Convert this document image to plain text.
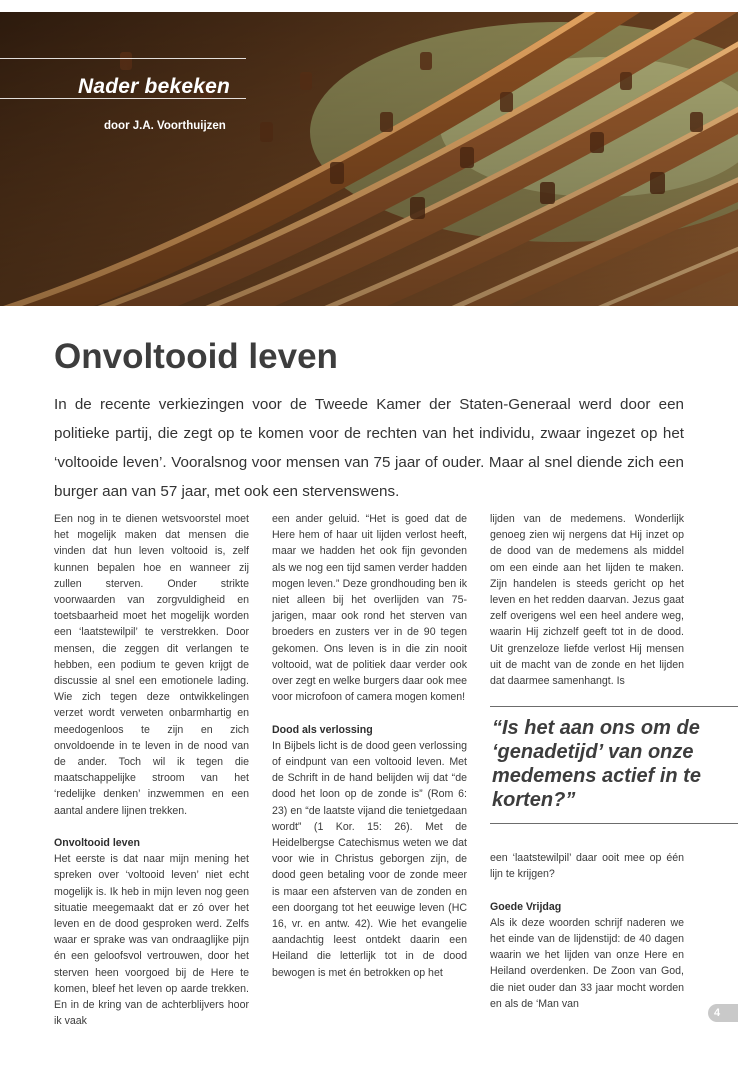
Nader bekeken
door J.A. Voorthuijzen
Onvoltooid leven

In de recente verkiezingen voor de Tweede Kamer der Staten-Generaal werd door een politieke partij, die zegt op te komen voor de rechten van het individu, zwaar ingezet op het ‘voltooide leven’. Vooralsnog voor mensen van 75 jaar of ouder. Maar al snel diende zich een burger aan van 57 jaar, met ook een stervenswens.

Een nog in te dienen wetsvoorstel moet het mogelijk maken dat mensen die vinden dat hun leven voltooid is, zelf kunnen bepalen hoe en wanneer zij zullen sterven. Onder strikte voorwaarden van zorgvuldigheid en toetsbaarheid moet het mogelijk worden een ‘laatstewilpil’ te verstrekken. Door mensen, die zeggen dit verlangen te hebben, een podium te geven krijgt de discussie al snel een emotionele lading. Wie zich tegen deze ontwikkelingen verzet wordt verweten onbarmhartig en meedogenloos te zijn en zich onvoldoende in te leven in de nood van de ander. Toch wil ik tegen die maatschappelijke stroom van het ‘redelijke denken’ inzwemmen en een aantal andere lijnen trekken.

Onvoltooid leven

Het eerste is dat naar mijn mening het spreken over ‘voltooid leven’ niet echt mogelijk is. Ik heb in mijn leven nog geen situatie meegemaakt dat er zó over het leven en de dood gesproken werd. Zelfs waar er sprake was van ondraaglijke pijn én een geloofsvol vertrouwen, door het sterven heen voorgoed bij de Here te komen, bleef het leven op aarde trekken. En in de kring van de achterblijvers hoor ik vaak

een ander geluid. “Het is goed dat de Here hem of haar uit lijden verlost heeft, maar we hadden het ook fijn gevonden als we nog een tijd samen verder hadden mogen leven.” Deze grondhouding ben ik niet alleen bij het overlijden van 75-jarigen, maar ook rond het sterven van broeders en zusters ver in de 90 tegen gekomen. Ons leven is in die zin nooit voltooid, wat de politiek daar verder ook over zegt en welke burgers daar ook mee voor microfoon of camera mogen komen!

Dood als verlossing

In Bijbels licht is de dood geen verlossing of eindpunt van een voltooid leven. Met de Schrift in de hand belijden wij dat “de dood het loon op de zonde is” (Rom 6: 23) en “de laatste vijand die tenietgedaan wordt” (1 Kor. 15: 26). Met de Heidelbergse Catechismus weten we dat voor wie in Christus geborgen zijn, de dood geen betaling voor de zonde meer is maar een afsterven van de zonden en een doorgang tot het eeuwige leven (HC 16, vr. en antw. 42). Wie het evangelie aandachtig leest ontdekt daarin een Heiland die letterlijk tot in de dood bewogen is met én betrokken op het

lijden van de medemens. Wonderlijk genoeg zien wij nergens dat Hij inzet op de dood van de medemens als middel om een einde aan het lijden te maken. Zijn handelen is steeds gericht op het leven en het redden daarvan. Jezus gaat zelf overigens wel een heel andere weg, waarin Hij zichzelf geeft tot in de dood. Uit grenzeloze liefde verlost Hij mensen uit de macht van de zonde en het lijden dat daarmee samenhangt. Is

“Is het aan ons om de ‘genadetijd’ van onze medemens actief in te korten?”

een ‘laatstewilpil’ daar ooit mee op één lijn te krijgen?

Goede Vrijdag

Als ik deze woorden schrijf naderen we het einde van de lijdenstijd: de 40 dagen waarin we het lijden van onze Here en Heiland overdenken. De Zoon van God, die niet ouder dan 33 jaar mocht worden en als de ‘Man van

4
